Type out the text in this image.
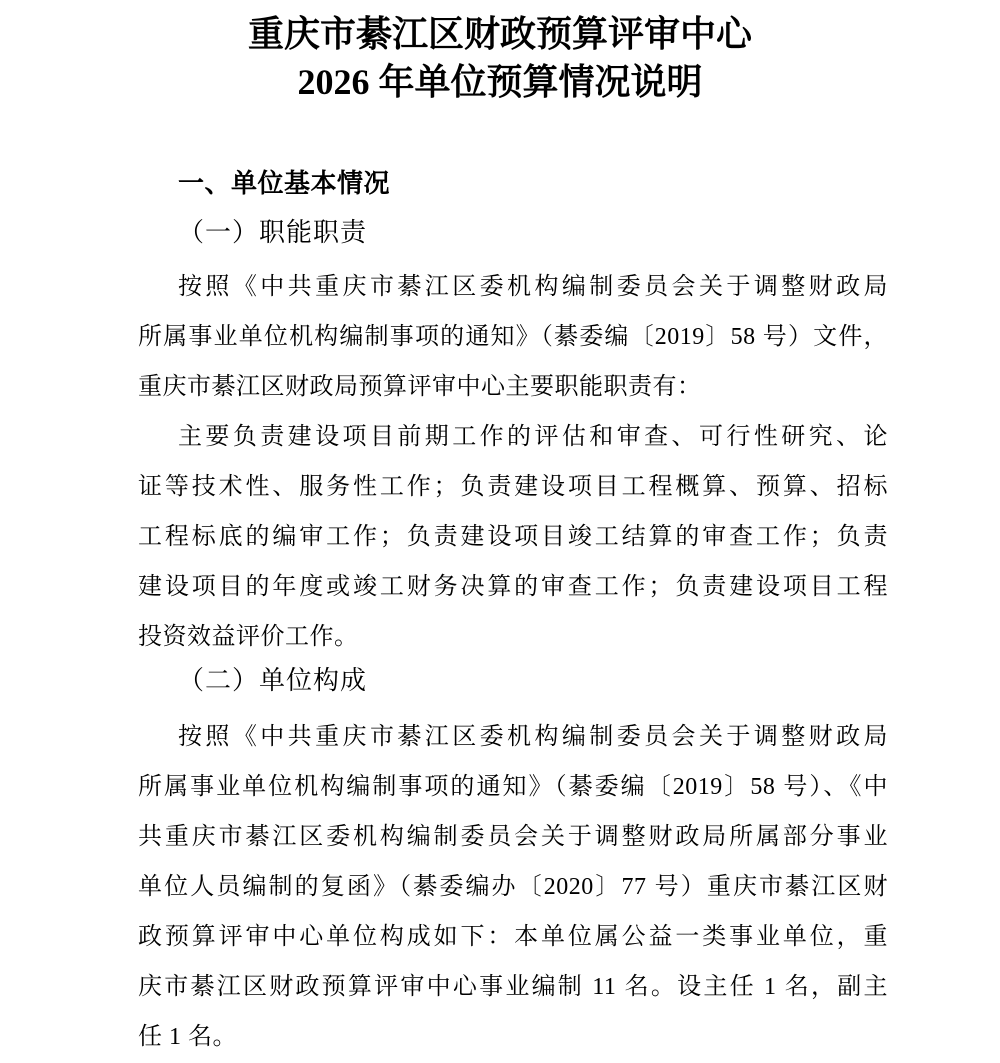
重庆市綦江区财政预算评审中心
2026 年单位预算情况说明
一、单位基本情况
（一）职能职责
按照《中共重庆市綦江区委机构编制委员会关于调整财政局
所属事业单位机构编制事项的通知》（綦委编〔2019〕58 号）文件，
重庆市綦江区财政局预算评审中心主要职能职责有：
主要负责建设项目前期工作的评估和审查、可行性研究、论
证等技术性、服务性工作；负责建设项目工程概算、预算、招标
工程标底的编审工作；负责建设项目竣工结算的审查工作；负责
建设项目的年度或竣工财务决算的审查工作；负责建设项目工程
投资效益评价工作。
（二）单位构成
按照《中共重庆市綦江区委机构编制委员会关于调整财政局
所属事业单位机构编制事项的通知》（綦委编〔2019〕58 号）、《中
共重庆市綦江区委机构编制委员会关于调整财政局所属部分事业
单位人员编制的复函》（綦委编办〔2020〕77 号）重庆市綦江区财
政预算评审中心单位构成如下：本单位属公益一类事业单位，重
庆市綦江区财政预算评审中心事业编制 11 名。设主任 1 名，副主
任 1 名。
